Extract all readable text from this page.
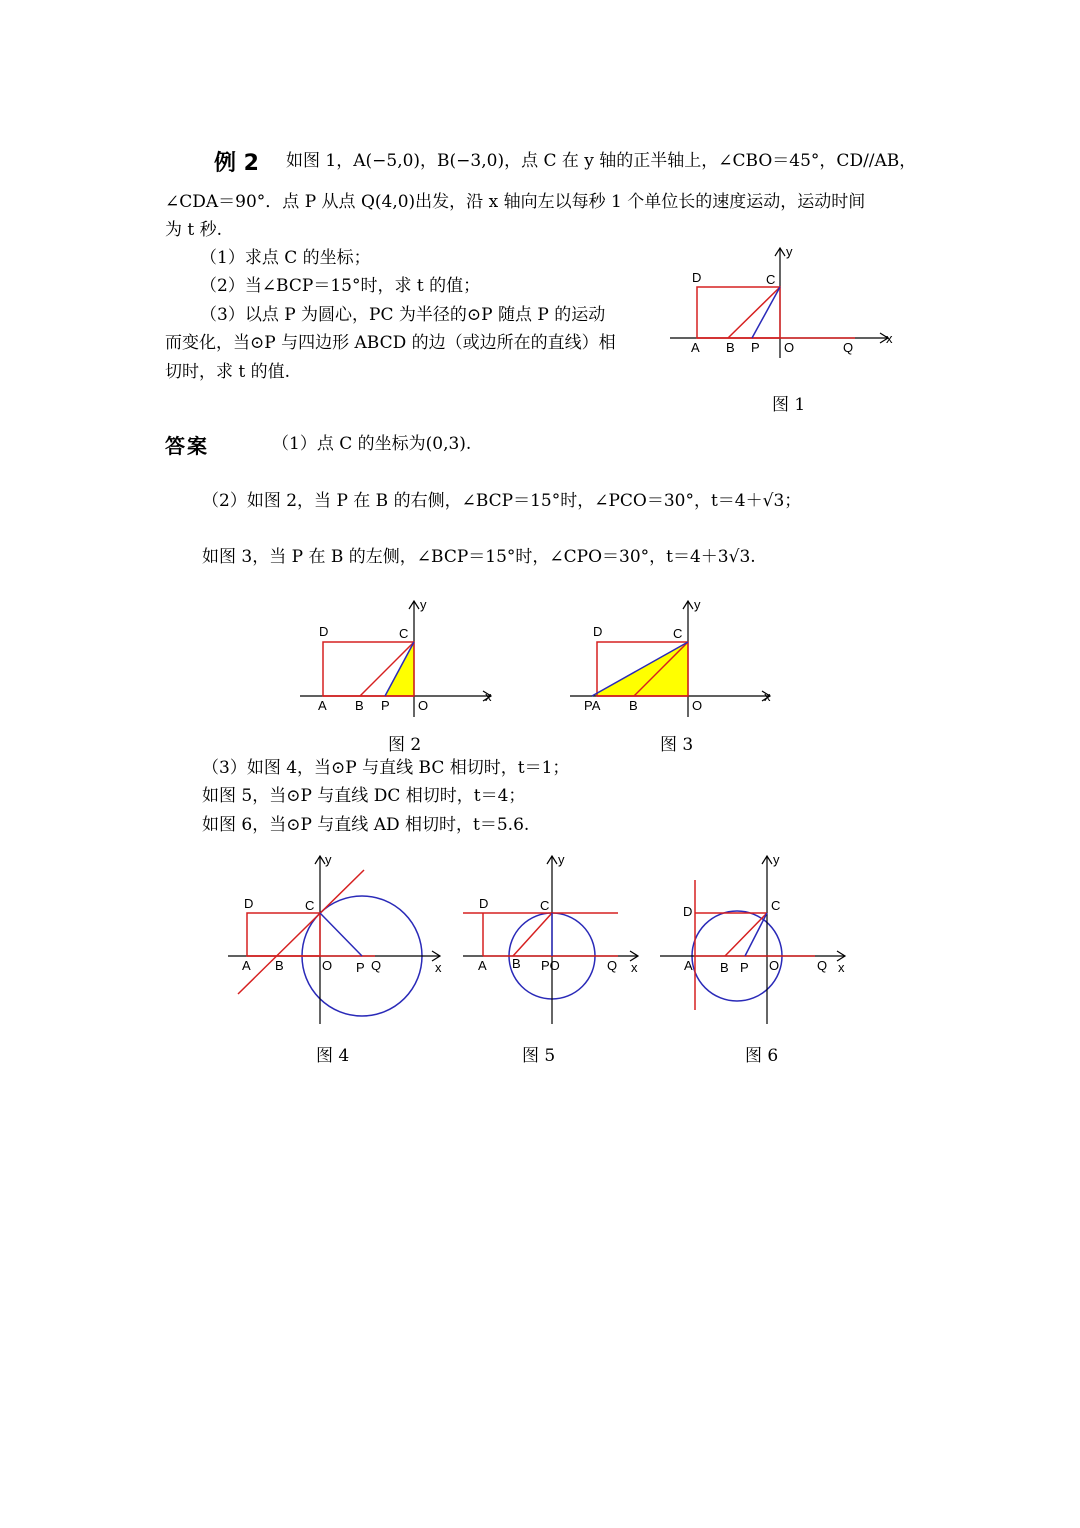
例 2 如图 1，A(−5,0)，B(−3,0)，点 C 在 y 轴的正半轴上，∠CBO＝45°，CD//AB，
∠CDA＝90°．点 P 从点 Q(4,0)出发，沿 x 轴向左以每秒 1 个单位长的速度运动，运动时间
为 t 秒.
（1）求点 C 的坐标；
（2）当∠BCP＝15°时，求 t 的值；
（3）以点 P 为圆心，PC 为半径的⊙P 随点 P 的运动
而变化，当⊙P 与四边形 ABCD 的边（或边所在的直线）相
切时，求 t 的值.
D	C
y
x
A B P O	Q
图 1
答案	（1）点 C 的坐标为(0,3).
（2）如图 2，当 P 在 B 的右侧，∠BCP＝15°时，∠PCO＝30°，t＝4＋√3；
如图 3，当 P 在 B 的左侧，∠BCP＝15°时，∠CPO＝30°，t＝4＋3√3.
D	C
y
x
A B P O
图 2
D	C
y
x
PA B	O
图 3
（3）如图 4，当⊙P 与直线 BC 相切时，t＝1；
如图 5，当⊙P 与直线 DC 相切时，t＝4；
如图 6，当⊙P 与直线 AD 相切时，t＝5.6.
D	C
y
x
A B	O P Q
图 4
D	C
y
x
A B PO	Q
图 5
D	C
y
x
A B P O	Q
图 6
